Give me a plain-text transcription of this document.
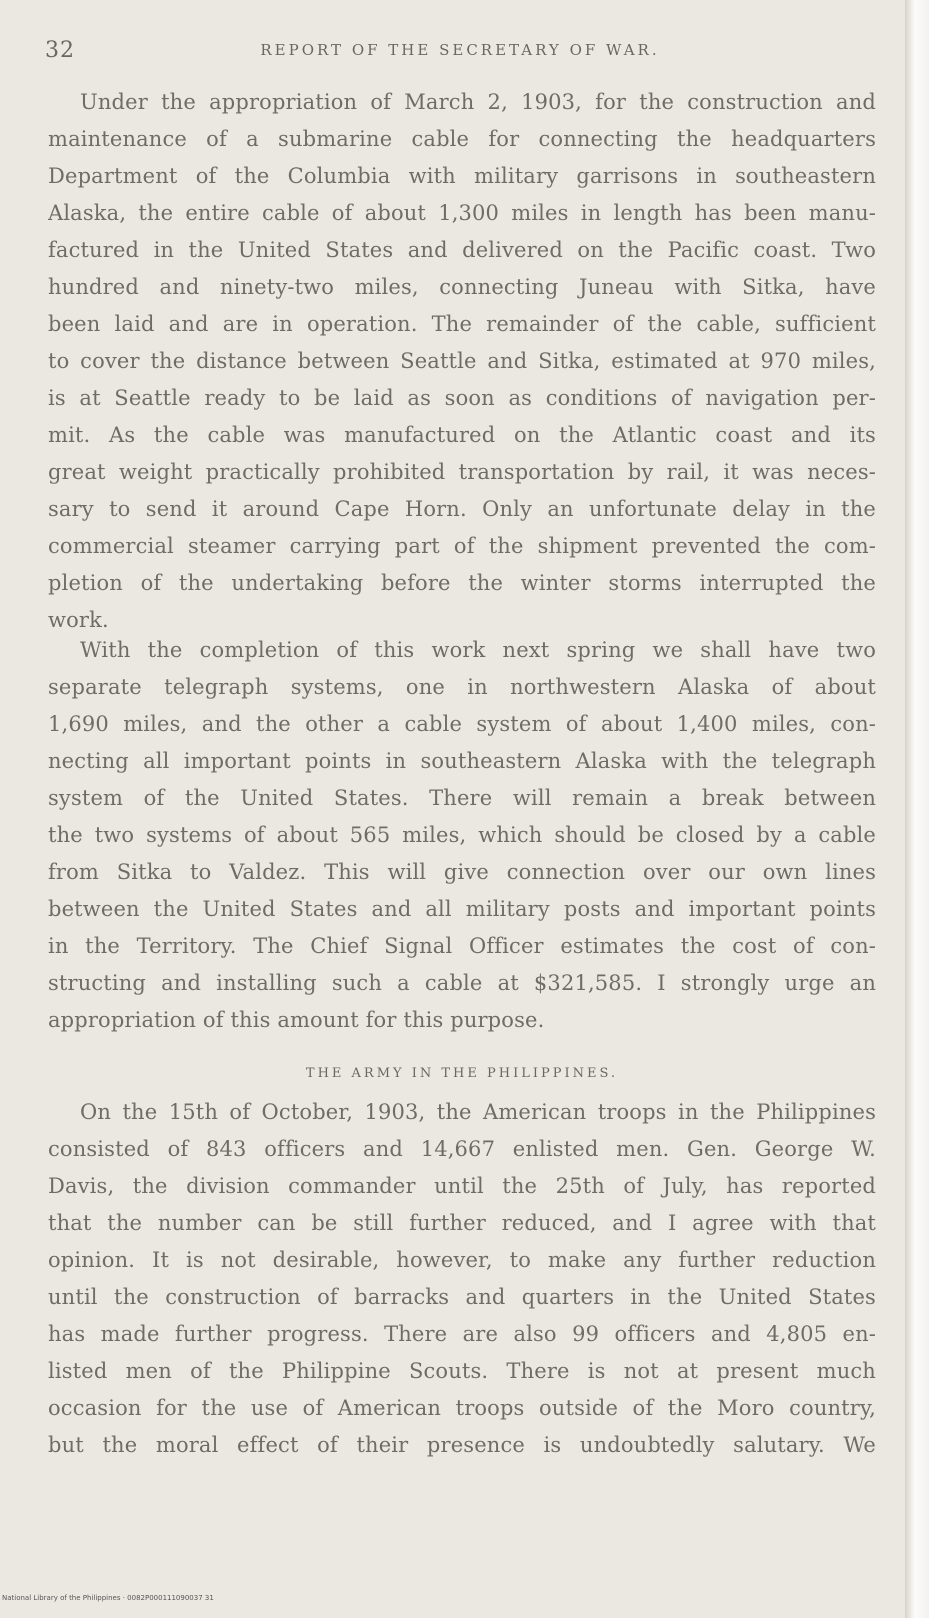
32	REPORT OF THE SECRETARY OF WAR.
Under the appropriation of March 2, 1903, for the construction and
maintenance of a submarine cable for connecting the headquarters
Department of the Columbia with military garrisons in southeastern
Alaska, the entire cable of about 1,300 miles in length has been manu-
factured in the United States and delivered on the Pacific coast. Two
hundred and ninety-two miles, connecting Juneau with Sitka, have
been laid and are in operation. The remainder of the cable, sufficient
to cover the distance between Seattle and Sitka, estimated at 970 miles,
is at Seattle ready to be laid as soon as conditions of navigation per-
mit. As the cable was manufactured on the Atlantic coast and its
great weight practically prohibited transportation by rail, it was neces-
sary to send it around Cape Horn. Only an unfortunate delay in the
commercial steamer carrying part of the shipment prevented the com-
pletion of the undertaking before the winter storms interrupted the
work.
With the completion of this work next spring we shall have two
separate telegraph systems, one in northwestern Alaska of about
1,690 miles, and the other a cable system of about 1,400 miles, con-
necting all important points in southeastern Alaska with the telegraph
system of the United States. There will remain a break between
the two systems of about 565 miles, which should be closed by a cable
from Sitka to Valdez. This will give connection over our own lines
between the United States and all military posts and important points
in the Territory. The Chief Signal Officer estimates the cost of con-
structing and installing such a cable at $321,585. I strongly urge an
appropriation of this amount for this purpose.
THE ARMY IN THE PHILIPPINES.
On the 15th of October, 1903, the American troops in the Philippines
consisted of 843 officers and 14,667 enlisted men. Gen. George W.
Davis, the division commander until the 25th of July, has reported
that the number can be still further reduced, and I agree with that
opinion. It is not desirable, however, to make any further reduction
until the construction of barracks and quarters in the United States
has made further progress. There are also 99 officers and 4,805 en-
listed men of the Philippine Scouts. There is not at present much
occasion for the use of American troops outside of the Moro country,
but the moral effect of their presence is undoubtedly salutary. We
National Library of the Philippines · 0082P000111090037 31
